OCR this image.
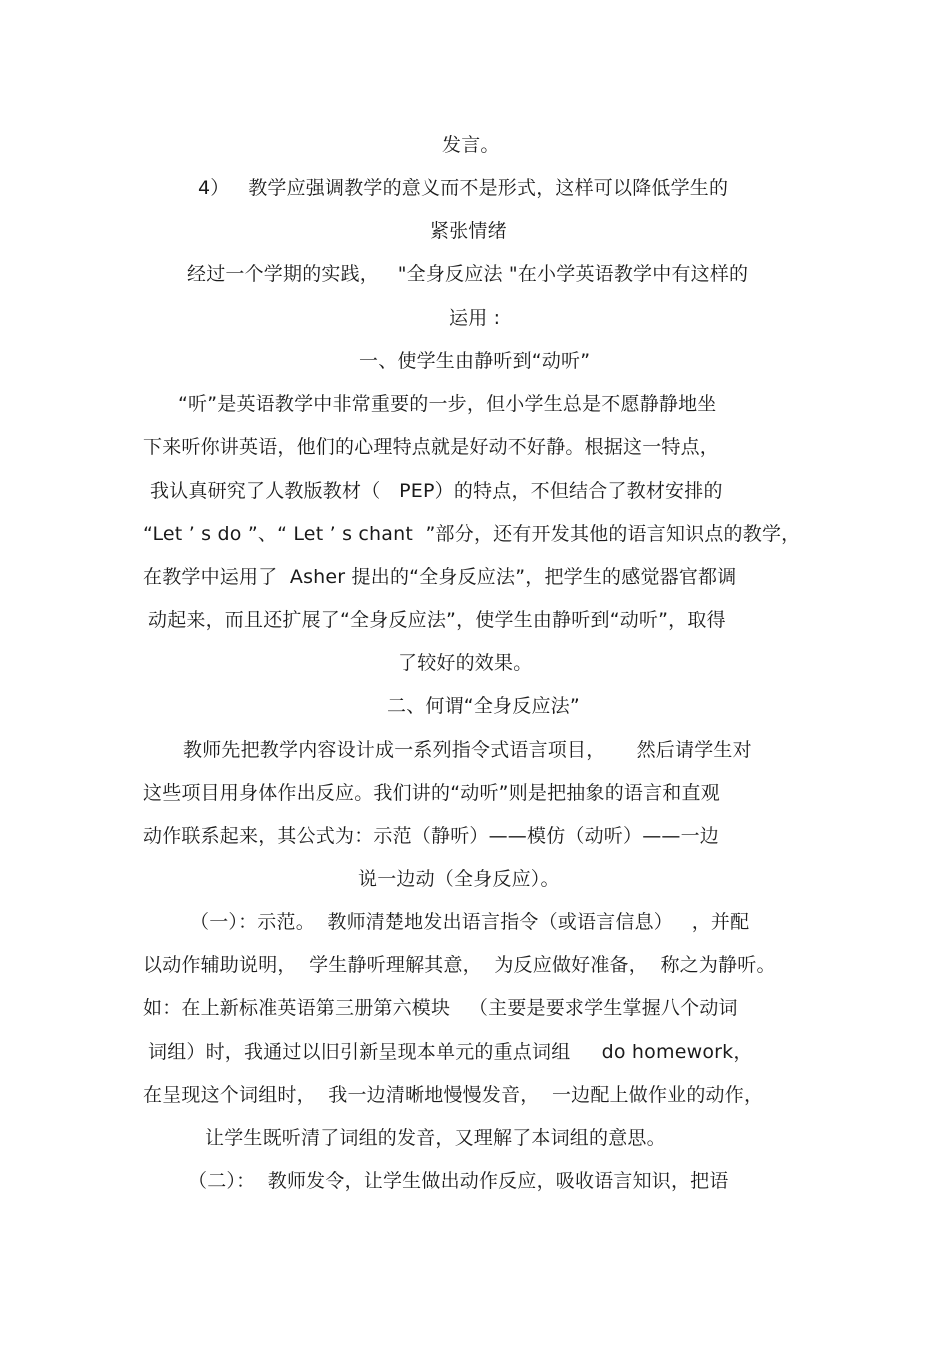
发言。
4）   教学应强调教学的意义而不是形式，这样可以降低学生的
紧张情绪
经过一个学期的实践，   "全身反应法 "在小学英语教学中有这样的
运用 :
一、使学生由静听到“动听”
“听”是英语教学中非常重要的一步，但小学生总是不愿静静地坐
下来听你讲英语，他们的心理特点就是好动不好静。根据这一特点，
我认真研究了人教版教材（   PEP）的特点，不但结合了教材安排的
“Let ’ s do ”、“ Let ’ s chant  ”部分，还有开发其他的语言知识点的教学，
在教学中运用了  Asher 提出的“全身反应法”，把学生的感觉器官都调
动起来，而且还扩展了“全身反应法”，使学生由静听到“动听”，取得
了较好的效果。
二、何谓“全身反应法”
教师先把教学内容设计成一系列指令式语言项目，     然后请学生对
这些项目用身体作出反应。我们讲的“动听”则是把抽象的语言和直观
动作联系起来，其公式为：示范（静听）——模仿（动听）——一边
说一边动（全身反应）。
（一）：示范。  教师清楚地发出语言指令（或语言信息）   ，并配
以动作辅助说明，  学生静听理解其意，  为反应做好准备，  称之为静听。
如：在上新标准英语第三册第六模块   （主要是要求学生掌握八个动词
词组）时，我通过以旧引新呈现本单元的重点词组     do homework，
在呈现这个词组时，  我一边清晰地慢慢发音，  一边配上做作业的动作，
让学生既听清了词组的发音，又理解了本词组的意思。
（二）：  教师发令，让学生做出动作反应，吸收语言知识，把语
